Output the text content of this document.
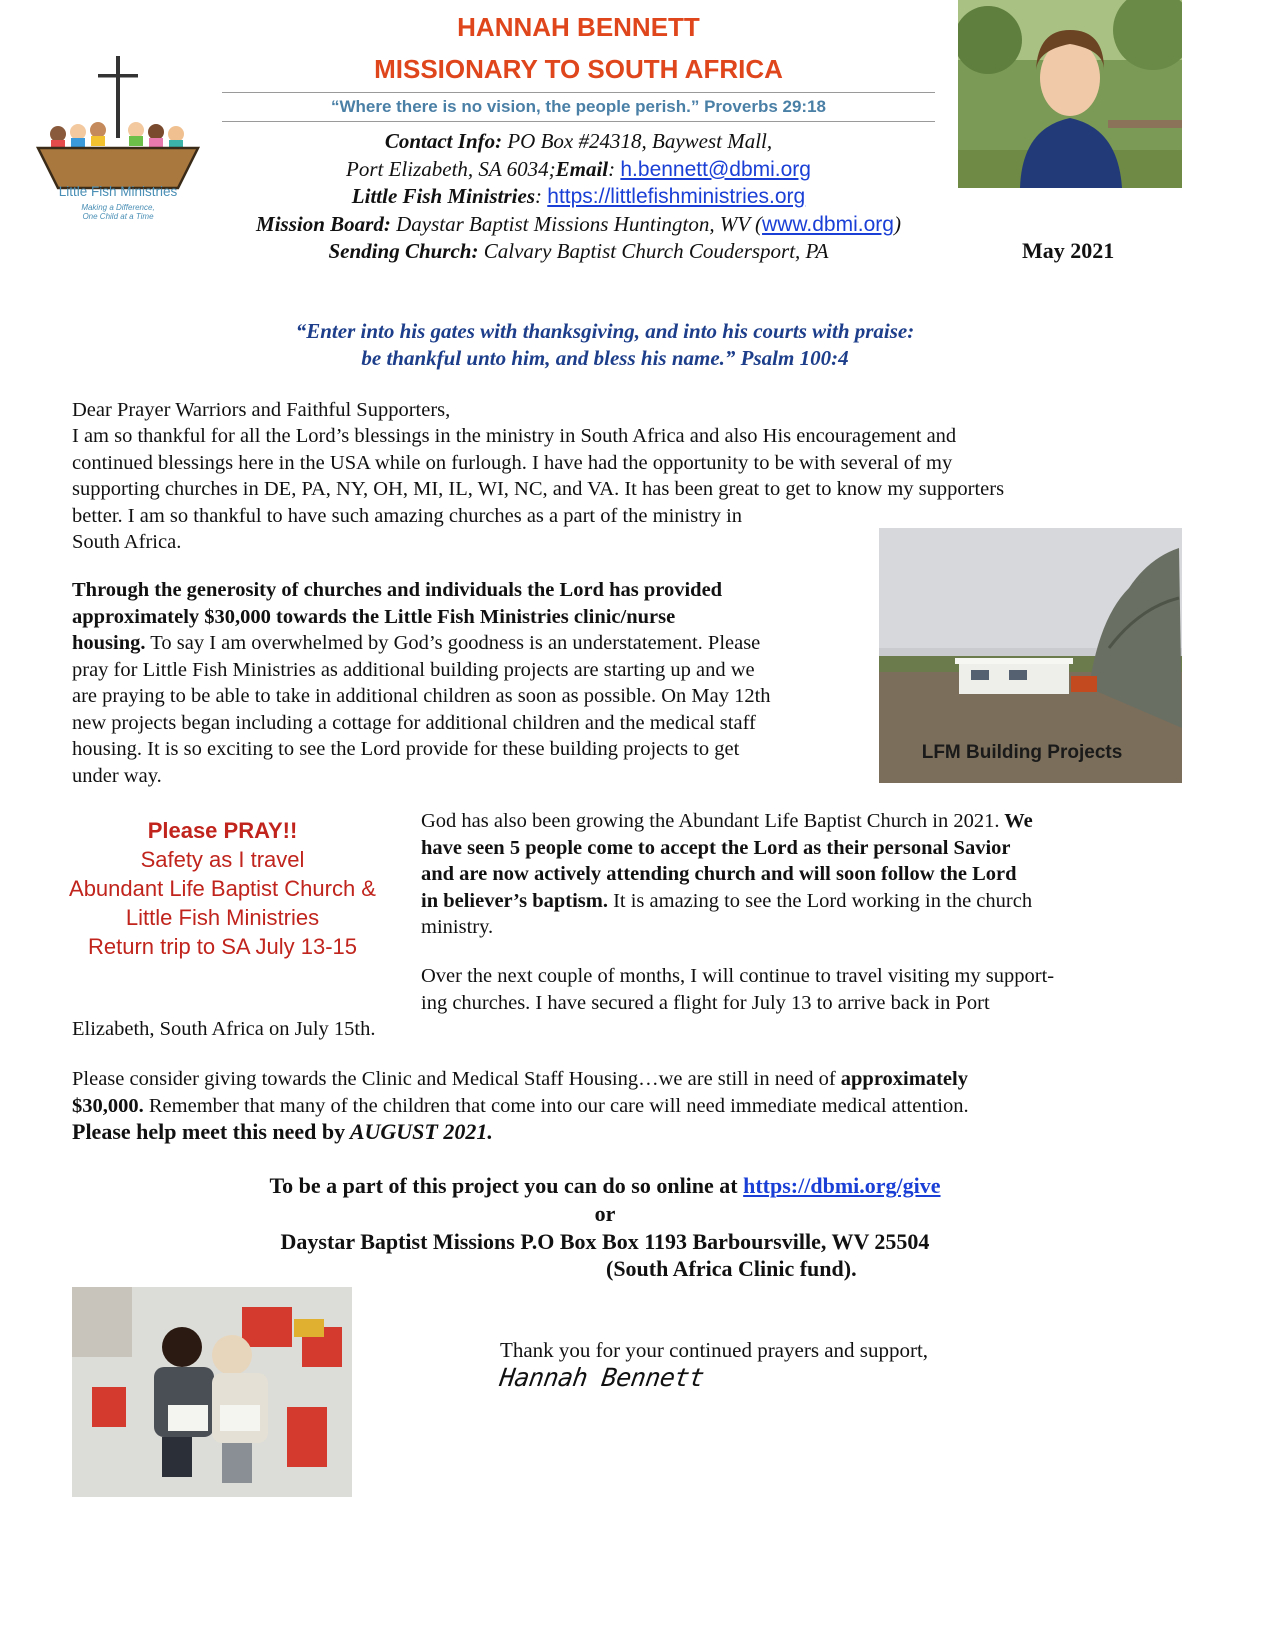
Little Fish Ministries
Making a Difference,
One Child at a Time
HANNAH BENNETT
MISSIONARY TO SOUTH AFRICA
“Where there is no vision, the people perish.” Proverbs 29:18
Contact Info: PO Box #24318, Baywest Mall,
Port Elizabeth, SA 6034;Email: h.bennett@dbmi.org
Little Fish Ministries: https://littlefishministries.org
Mission Board: Daystar Baptist Missions Huntington, WV (www.dbmi.org)
Sending Church: Calvary Baptist Church Coudersport, PA	May 2021
“Enter into his gates with thanksgiving, and into his courts with praise:
be thankful unto him, and bless his name.” Psalm 100:4
Dear Prayer Warriors and Faithful Supporters,
I am so thankful for all the Lord’s blessings in the ministry in South Africa and also His encouragement and
continued blessings here in the USA while on furlough. I have had the opportunity to be with several of my
supporting churches in DE, PA, NY, OH, MI, IL, WI, NC, and VA. It has been great to get to know my supporters
better. I am so thankful to have such amazing churches as a part of the ministry in
South Africa.
Through the generosity of churches and individuals the Lord has provided
approximately $30,000 towards the Little Fish Ministries clinic/nurse
housing. To say I am overwhelmed by God’s goodness is an understatement. Please
pray for Little Fish Ministries as additional building projects are starting up and we
are praying to be able to take in additional children as soon as possible. On May 12th
new projects began including a cottage for additional children and the medical staff
housing. It is so exciting to see the Lord provide for these building projects to get
under way.
LFM Building Projects
Please PRAY!!
Safety as I travel
Abundant Life Baptist Church &
Little Fish Ministries
Return trip to SA July 13-15
God has also been growing the Abundant Life Baptist Church in 2021. We
have seen 5 people come to accept the Lord as their personal Savior
and are now actively attending church and will soon follow the Lord
in believer’s baptism. It is amazing to see the Lord working in the church
ministry.
Over the next couple of months, I will continue to travel visiting my support-
ing churches. I have secured a flight for July 13 to arrive back in Port
Elizabeth, South Africa on July 15th.
Please consider giving towards the Clinic and Medical Staff Housing…we are still in need of approximately
$30,000. Remember that many of the children that come into our care will need immediate medical attention.
Please help meet this need by AUGUST 2021.
To be a part of this project you can do so online at https://dbmi.org/give
or
Daystar Baptist Missions P.O Box Box 1193 Barboursville, WV 25504
(South Africa Clinic fund).
Thank you for your continued prayers and support,
Hannah Bennett
